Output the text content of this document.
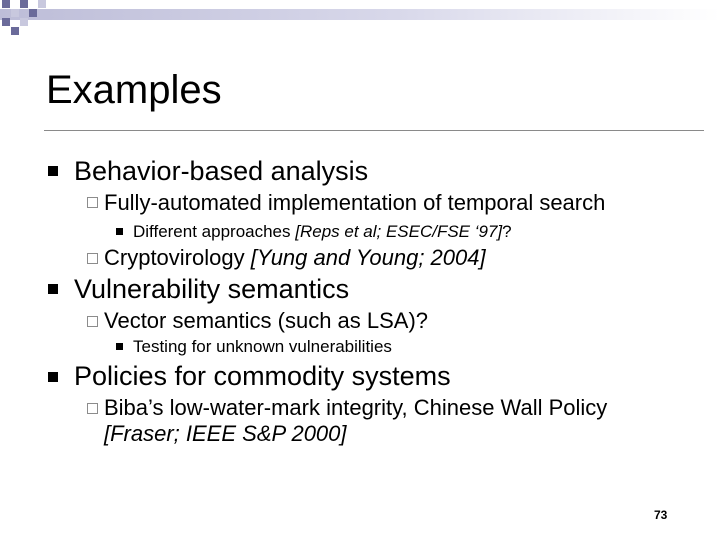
Examples
Behavior-based analysis
Fully-automated implementation of temporal search
Different approaches [Reps et al; ESEC/FSE ‘97]?
Cryptovirology [Yung and Young; 2004]
Vulnerability semantics
Vector semantics (such as LSA)?
Testing for unknown vulnerabilities
Policies for commodity systems
Biba’s low-water-mark integrity, Chinese Wall Policy
[Fraser; IEEE S&P 2000]
73
